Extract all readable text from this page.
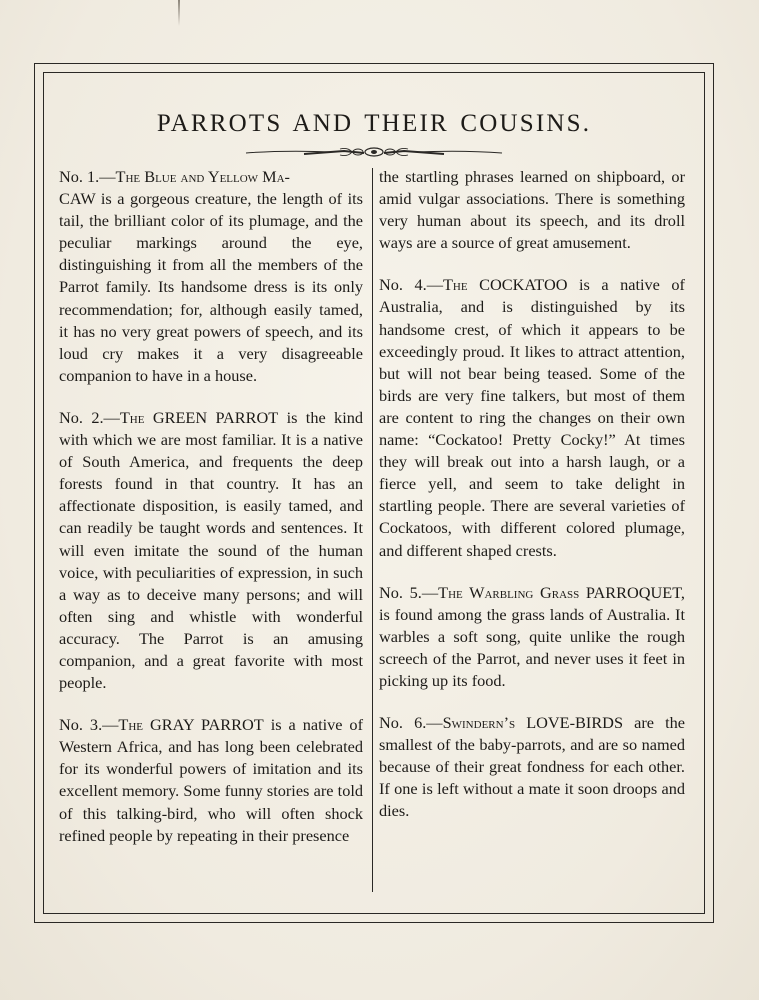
PARROTS AND THEIR COUSINS.

No. 1.—The Blue and Yellow Ma-
CAW is a gorgeous creature, the length of its tail, the brilliant color of its plumage, and the peculiar markings around the eye, distinguishing it from all the members of the Parrot family. Its handsome dress is its only recommendation; for, although easily tamed, it has no very great powers of speech, and its loud cry makes it a very disagreeable companion to have in a house.

No. 2.—The GREEN PARROT is the kind with which we are most familiar. It is a native of South America, and frequents the deep forests found in that country. It has an affectionate disposition, is easily tamed, and can readily be taught words and sentences. It will even imitate the sound of the human voice, with peculiarities of expression, in such a way as to deceive many persons; and will often sing and whistle with wonderful accuracy. The Parrot is an amusing companion, and a great favorite with most people.

No. 3.—The GRAY PARROT is a native of Western Africa, and has long been celebrated for its wonderful powers of imitation and its excellent memory. Some funny stories are told of this talking-bird, who will often shock refined people by repeating in their presence

the startling phrases learned on shipboard, or amid vulgar associations. There is something very human about its speech, and its droll ways are a source of great amusement.

No. 4.—The COCKATOO is a native of Australia, and is distinguished by its handsome crest, of which it appears to be exceedingly proud. It likes to attract attention, but will not bear being teased. Some of the birds are very fine talkers, but most of them are content to ring the changes on their own name: “Cockatoo! Pretty Cocky!” At times they will break out into a harsh laugh, or a fierce yell, and seem to take delight in startling people. There are several varieties of Cockatoos, with different colored plumage, and different shaped crests.

No. 5.—The Warbling Grass PARROQUET, is found among the grass lands of Australia. It warbles a soft song, quite unlike the rough screech of the Parrot, and never uses it feet in picking up its food.

No. 6.—Swindern’s LOVE-BIRDS are the smallest of the baby-parrots, and are so named because of their great fondness for each other. If one is left without a mate it soon droops and dies.
